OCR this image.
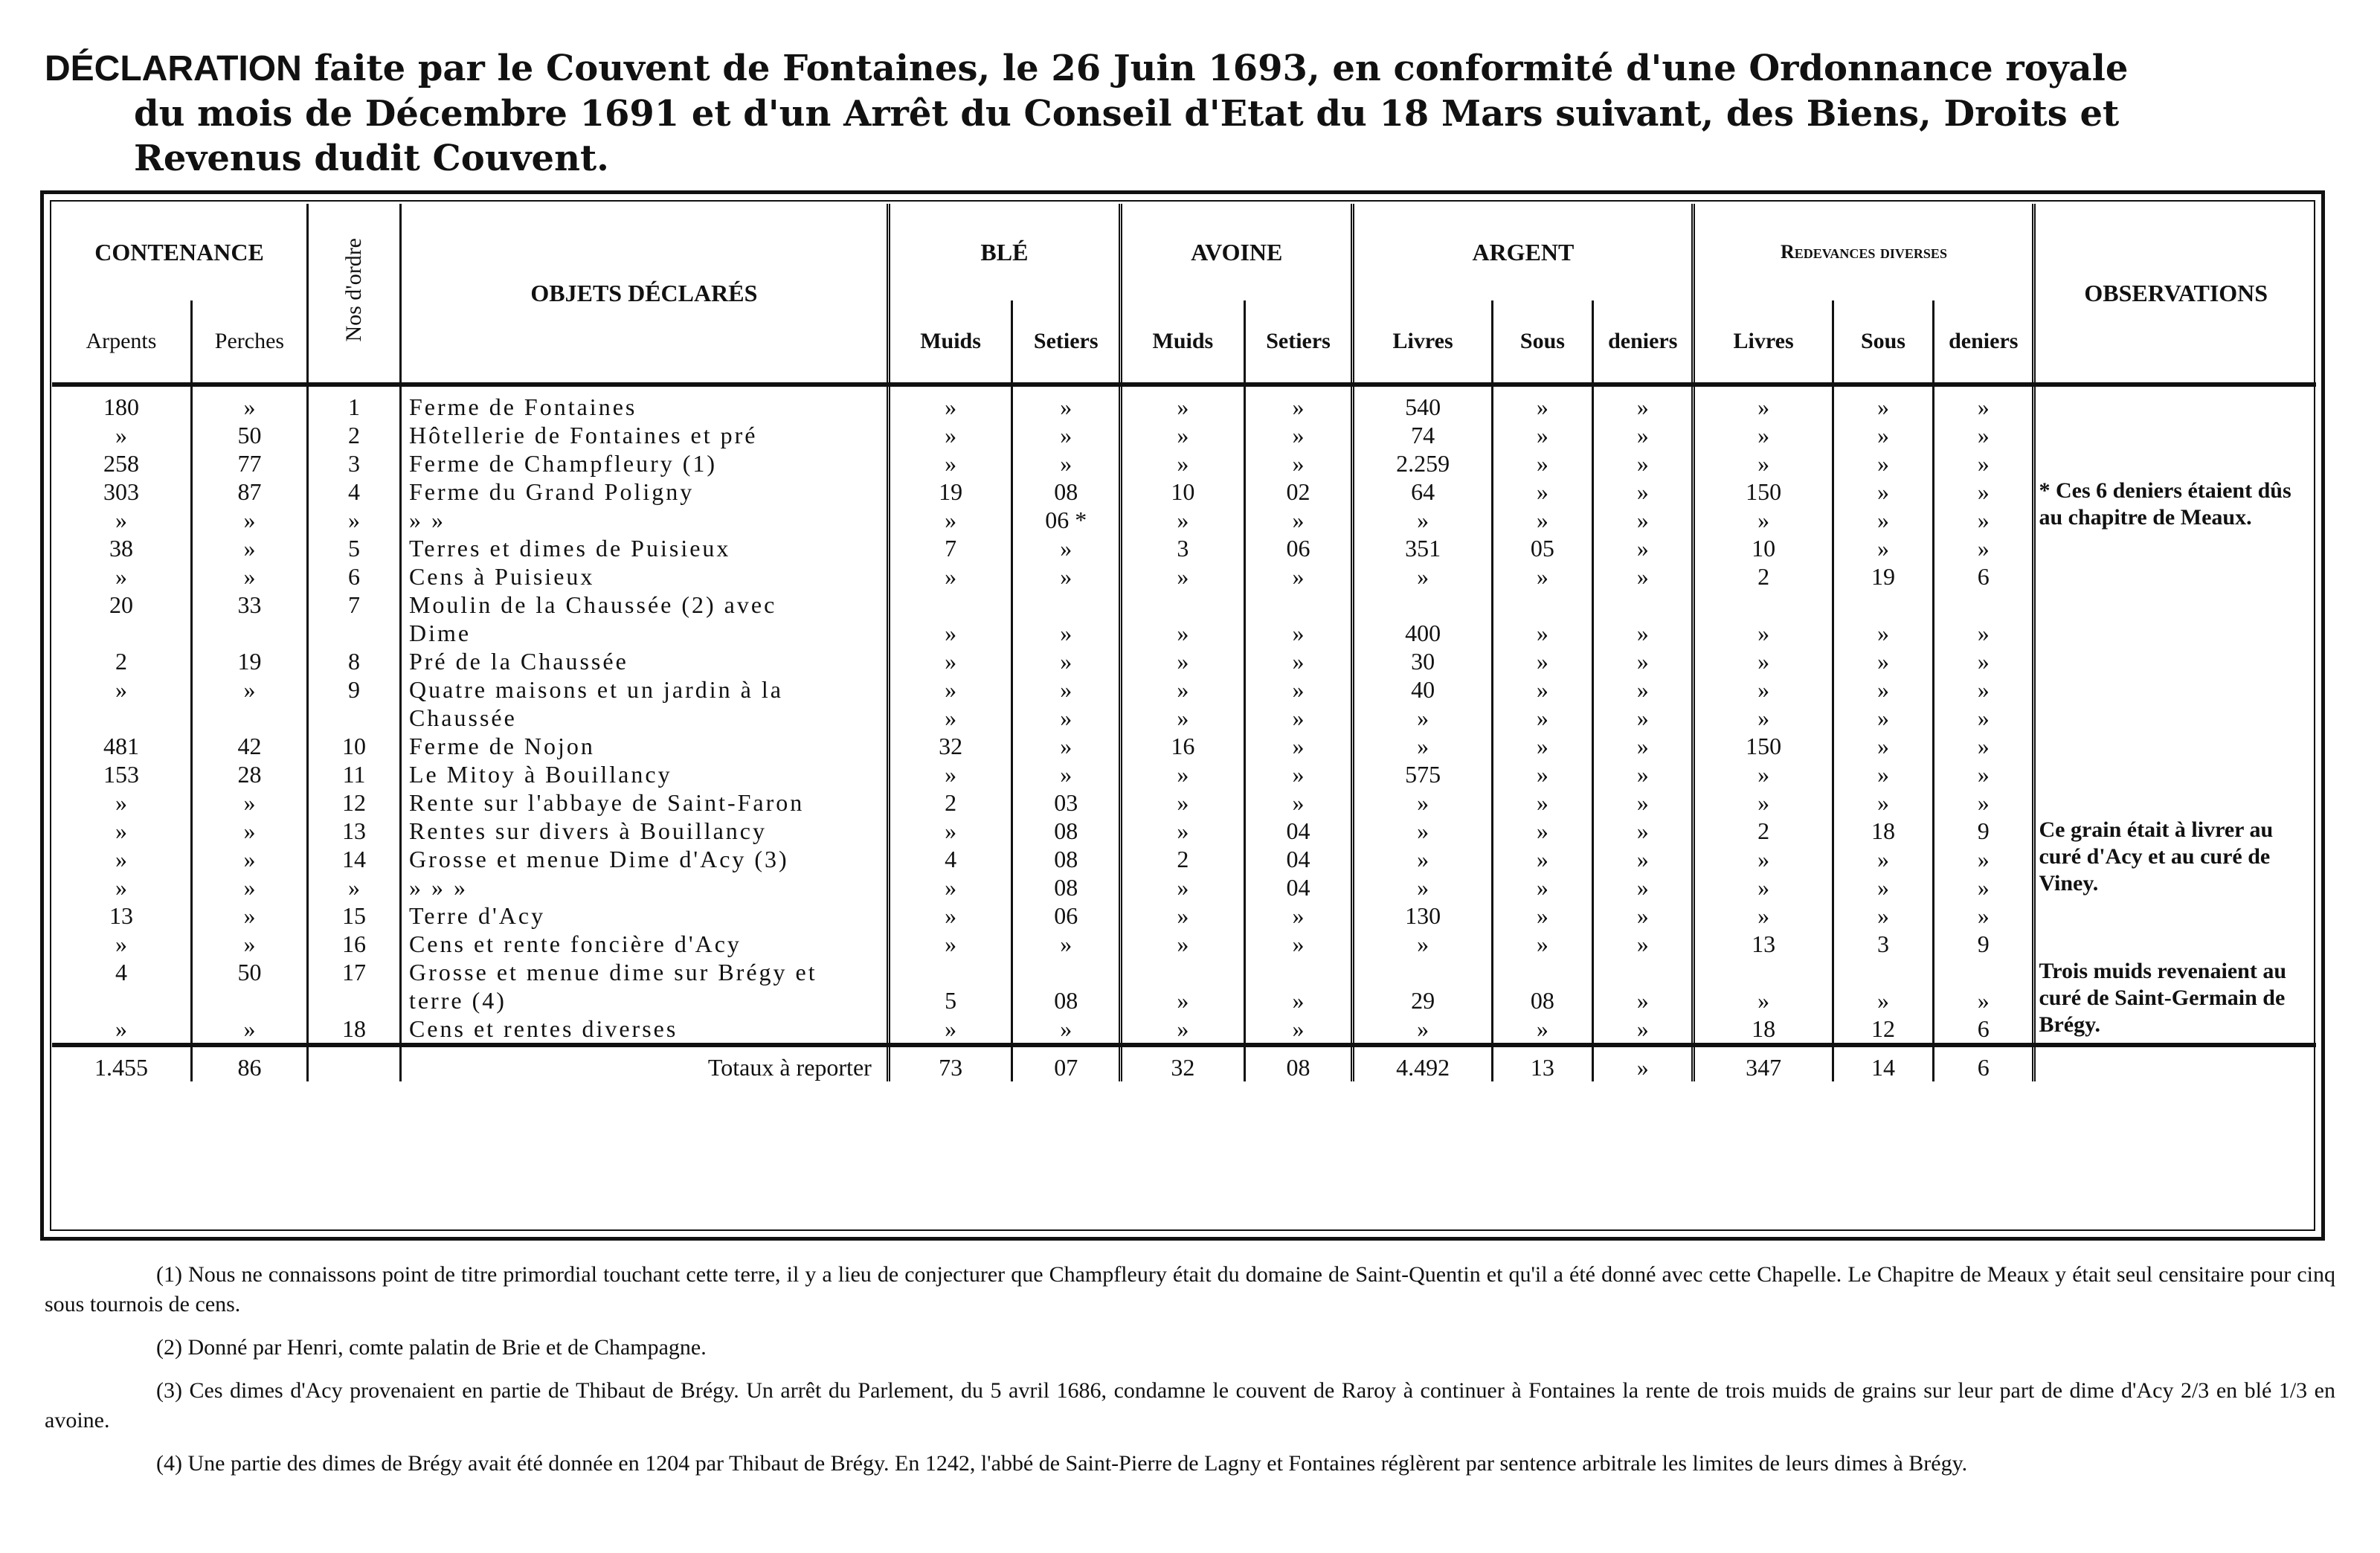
DÉCLARATION faite par le Couvent de Fontaines, le 26 Juin 1693, en conformité d'une Ordonnance royale
du mois de Décembre 1691 et d'un Arrêt du Conseil d'Etat du 18 Mars suivant, des Biens, Droits et
Revenus dudit Couvent.
CONTENANCE		Nos d'ordre	OBJETS DÉCLARÉS	BLÉ		AVOINE		ARGENT			Redevances diverses			OBSERVATIONS
Arpents	Perches			Muids	Setiers	Muids	Setiers	Livres	Sous	deniers	Livres	Sous	deniers	

180	»	1	Ferme de Fontaines	»	»	»	»	540	»	»	»	»	»	
»	50	2	Hôtellerie de Fontaines et pré	»	»	»	»	74	»	»	»	»	»	
258	77	3	Ferme de Champfleury (1)	»	»	»	»	2.259	»	»	»	»	»	
303	87	4	Ferme du Grand Poligny	19	08	10	02	64	»	»	150	»	»	* Ces 6 deniers étaient dûs au chapitre de Meaux.
»	»	»	» »	»	06 *	»	»	»	»	»	»	»	»	
38	»	5	Terres et dimes de Puisieux	7	»	3	06	351	05	»	10	»	»	
»	»	6	Cens à Puisieux	»	»	»	»	»	»	»	2	19	6	
20	33	7	Moulin de la Chaussée (2) avec											
			Dime	»	»	»	»	400	»	»	»	»	»	
2	19	8	Pré de la Chaussée	»	»	»	»	30	»	»	»	»	»	
»	»	9	Quatre maisons et un jardin à la	»	»	»	»	40	»	»	»	»	»	
			Chaussée	»	»	»	»	»	»	»	»	»	»	
481	42	10	Ferme de Nojon	32	»	16	»	»	»	»	150	»	»	
153	28	11	Le Mitoy à Bouillancy	»	»	»	»	575	»	»	»	»	»	
»	»	12	Rente sur l'abbaye de Saint-Faron	2	03	»	»	»	»	»	»	»	»	
»	»	13	Rentes sur divers à Bouillancy	»	08	»	04	»	»	»	2	18	9	Ce grain était à livrer au curé d'Acy et au curé de Viney.
»	»	14	Grosse et menue Dime d'Acy (3)	4	08	2	04	»	»	»	»	»	»	
»	»	»	» » »	»	08	»	04	»	»	»	»	»	»	
13	»	15	Terre d'Acy	»	06	»	»	130	»	»	»	»	»	
»	»	16	Cens et rente foncière d'Acy	»	»	»	»	»	»	»	13	3	9	
4	50	17	Grosse et menue dime sur Brégy et											Trois muids revenaient au curé de Saint-Germain de Brégy.
			terre (4)	5	08	»	»	29	08	»	»	»	»	
»	»	18	Cens et rentes diverses	»	»	»	»	»	»	»	18	12	6	

1.455	86		Totaux à reporter	73	07	32	08	4.492	13	»	347	14	6	

(1) Nous ne connaissons point de titre primordial touchant cette terre, il y a lieu de conjecturer que Champfleury était du domaine de Saint-Quentin et qu'il a été donné avec cette Chapelle. Le Chapitre de Meaux y était seul censitaire pour cinq sous tournois de cens.

(2) Donné par Henri, comte palatin de Brie et de Champagne.

(3) Ces dimes d'Acy provenaient en partie de Thibaut de Brégy. Un arrêt du Parlement, du 5 avril 1686, condamne le couvent de Raroy à continuer à Fontaines la rente de trois muids de grains sur leur part de dime d'Acy 2/3 en blé 1/3 en avoine.

(4) Une partie des dimes de Brégy avait été donnée en 1204 par Thibaut de Brégy. En 1242, l'abbé de Saint-Pierre de Lagny et Fontaines réglèrent par sentence arbitrale les limites de leurs dimes à Brégy.
